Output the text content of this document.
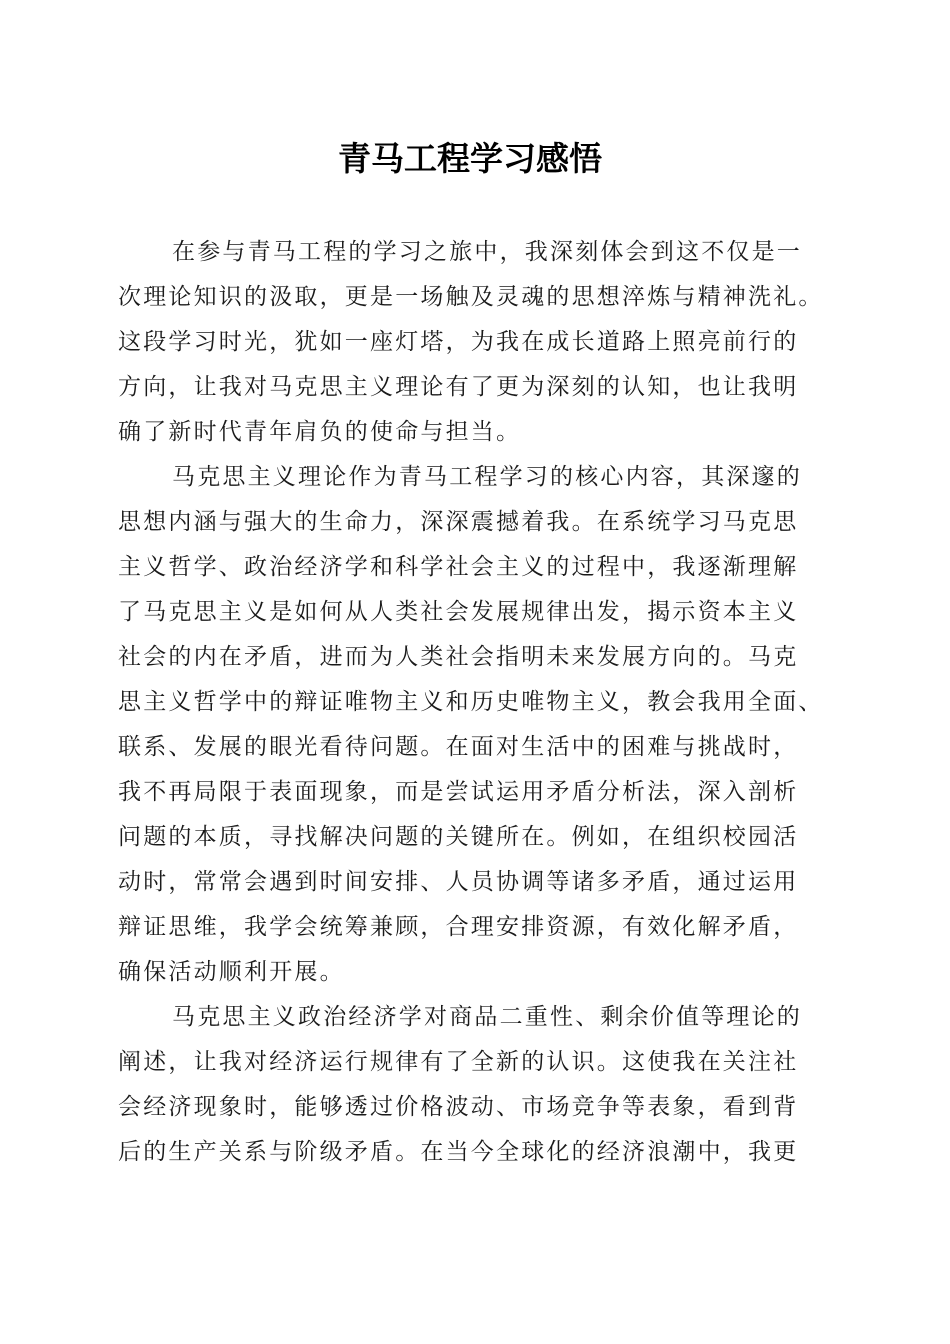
青马工程学习感悟
在参与青马工程的学习之旅中，我深刻体会到这不仅是一
次理论知识的汲取，更是一场触及灵魂的思想淬炼与精神洗礼。
这段学习时光，犹如一座灯塔，为我在成长道路上照亮前行的
方向，让我对马克思主义理论有了更为深刻的认知，也让我明
确了新时代青年肩负的使命与担当。
马克思主义理论作为青马工程学习的核心内容，其深邃的
思想内涵与强大的生命力，深深震撼着我。在系统学习马克思
主义哲学、政治经济学和科学社会主义的过程中，我逐渐理解
了马克思主义是如何从人类社会发展规律出发，揭示资本主义
社会的内在矛盾，进而为人类社会指明未来发展方向的。马克
思主义哲学中的辩证唯物主义和历史唯物主义，教会我用全面、
联系、发展的眼光看待问题。在面对生活中的困难与挑战时，
我不再局限于表面现象，而是尝试运用矛盾分析法，深入剖析
问题的本质，寻找解决问题的关键所在。例如，在组织校园活
动时，常常会遇到时间安排、人员协调等诸多矛盾，通过运用
辩证思维，我学会统筹兼顾，合理安排资源，有效化解矛盾，
确保活动顺利开展。
马克思主义政治经济学对商品二重性、剩余价值等理论的
阐述，让我对经济运行规律有了全新的认识。这使我在关注社
会经济现象时，能够透过价格波动、市场竞争等表象，看到背
后的生产关系与阶级矛盾。在当今全球化的经济浪潮中，我更
